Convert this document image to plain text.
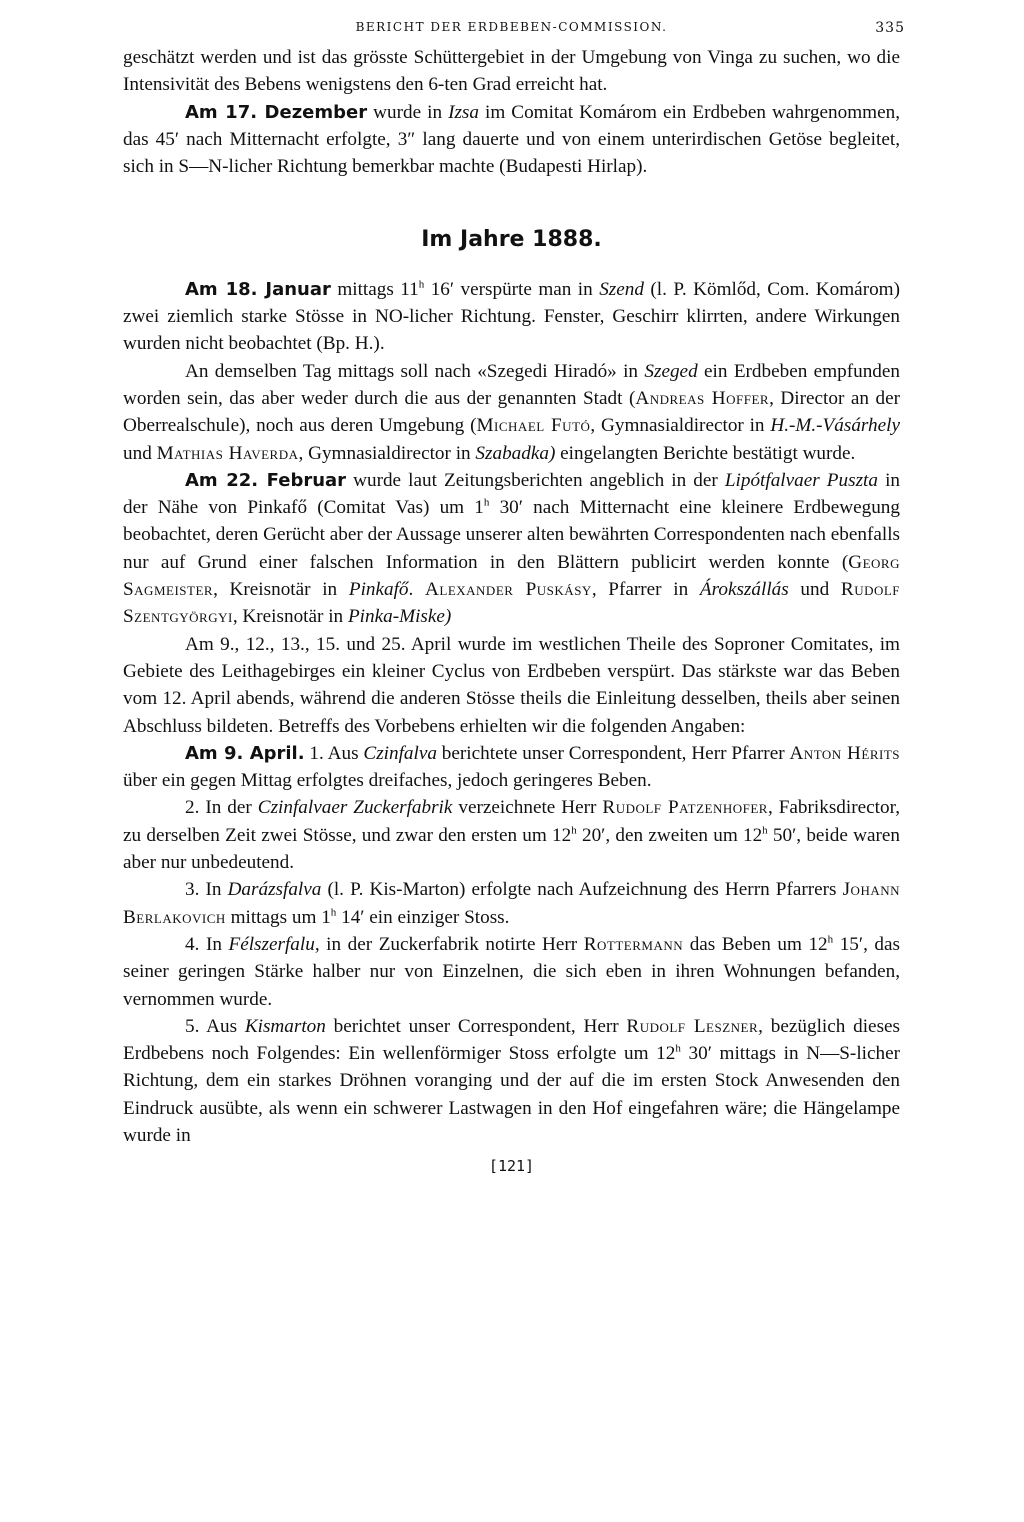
BERICHT DER ERDBEBEN-COMMISSION.	335

geschätzt werden und ist das grösste Schüttergebiet in der Umgebung von Vinga zu suchen, wo die Intensivität des Bebens wenigstens den 6-ten Grad erreicht hat.

Am 17. Dezember wurde in Izsa im Comitat Komárom ein Erdbeben wahrgenommen, das 45′ nach Mitternacht erfolgte, 3″ lang dauerte und von einem unterirdischen Getöse begleitet, sich in S—N-licher Richtung bemerkbar machte (Budapesti Hirlap).

Im Jahre 1888.

Am 18. Januar mittags 11$^h$ 16′ verspürte man in Szend (l. P. Kömlőd, Com. Komárom) zwei ziemlich starke Stösse in NO-licher Richtung. Fenster, Geschirr klirrten, andere Wirkungen wurden nicht beobachtet (Bp. H.).

An demselben Tag mittags soll nach «Szegedi Hiradó» in Szeged ein Erdbeben empfunden worden sein, das aber weder durch die aus der genannten Stadt (Andreas Hoffer, Director an der Oberrealschule), noch aus deren Umgebung (Michael Futó, Gymnasialdirector in H.-M.-Vásárhely und Mathias Haverda, Gymnasialdirector in Szabadka) eingelangten Berichte bestätigt wurde.

Am 22. Februar wurde laut Zeitungsberichten angeblich in der Lipótfalvaer Puszta in der Nähe von Pinkafő (Comitat Vas) um 1$^h$ 30′ nach Mitternacht eine kleinere Erdbewegung beobachtet, deren Gerücht aber der Aussage unserer alten bewährten Correspondenten nach ebenfalls nur auf Grund einer falschen Information in den Blättern publicirt werden konnte (Georg Sagmeister, Kreisnotär in Pinkafő. Alexander Puskásy, Pfarrer in Árokszállás und Rudolf Szentgyörgyi, Kreisnotär in Pinka-Miske)

Am 9., 12., 13., 15. und 25. April wurde im westlichen Theile des Soproner Comitates, im Gebiete des Leithagebirges ein kleiner Cyclus von Erdbeben verspürt. Das stärkste war das Beben vom 12. April abends, während die anderen Stösse theils die Einleitung desselben, theils aber seinen Abschluss bildeten. Betreffs des Vorbebens erhielten wir die folgenden Angaben:

Am 9. April. 1. Aus Czinfalva berichtete unser Correspondent, Herr Pfarrer Anton Hérits über ein gegen Mittag erfolgtes dreifaches, jedoch geringeres Beben.

2. In der Czinfalvaer Zuckerfabrik verzeichnete Herr Rudolf Patzenhofer, Fabriksdirector, zu derselben Zeit zwei Stösse, und zwar den ersten um 12$^h$ 20′, den zweiten um 12$^h$ 50′, beide waren aber nur unbedeutend.

3. In Darázsfalva (l. P. Kis-Marton) erfolgte nach Aufzeichnung des Herrn Pfarrers Johann Berlakovich mittags um 1$^h$ 14′ ein einziger Stoss.

4. In Félszerfalu, in der Zuckerfabrik notirte Herr Rottermann das Beben um 12$^h$ 15′, das seiner geringen Stärke halber nur von Einzelnen, die sich eben in ihren Wohnungen befanden, vernommen wurde.

5. Aus Kismarton berichtet unser Correspondent, Herr Rudolf Leszner, bezüglich dieses Erdbebens noch Folgendes: Ein wellenförmiger Stoss erfolgte um 12$^h$ 30′ mittags in N—S-licher Richtung, dem ein starkes Dröhnen voranging und der auf die im ersten Stock Anwesenden den Eindruck ausübte, als wenn ein schwerer Lastwagen in den Hof eingefahren wäre; die Hängelampe wurde in

[121]
